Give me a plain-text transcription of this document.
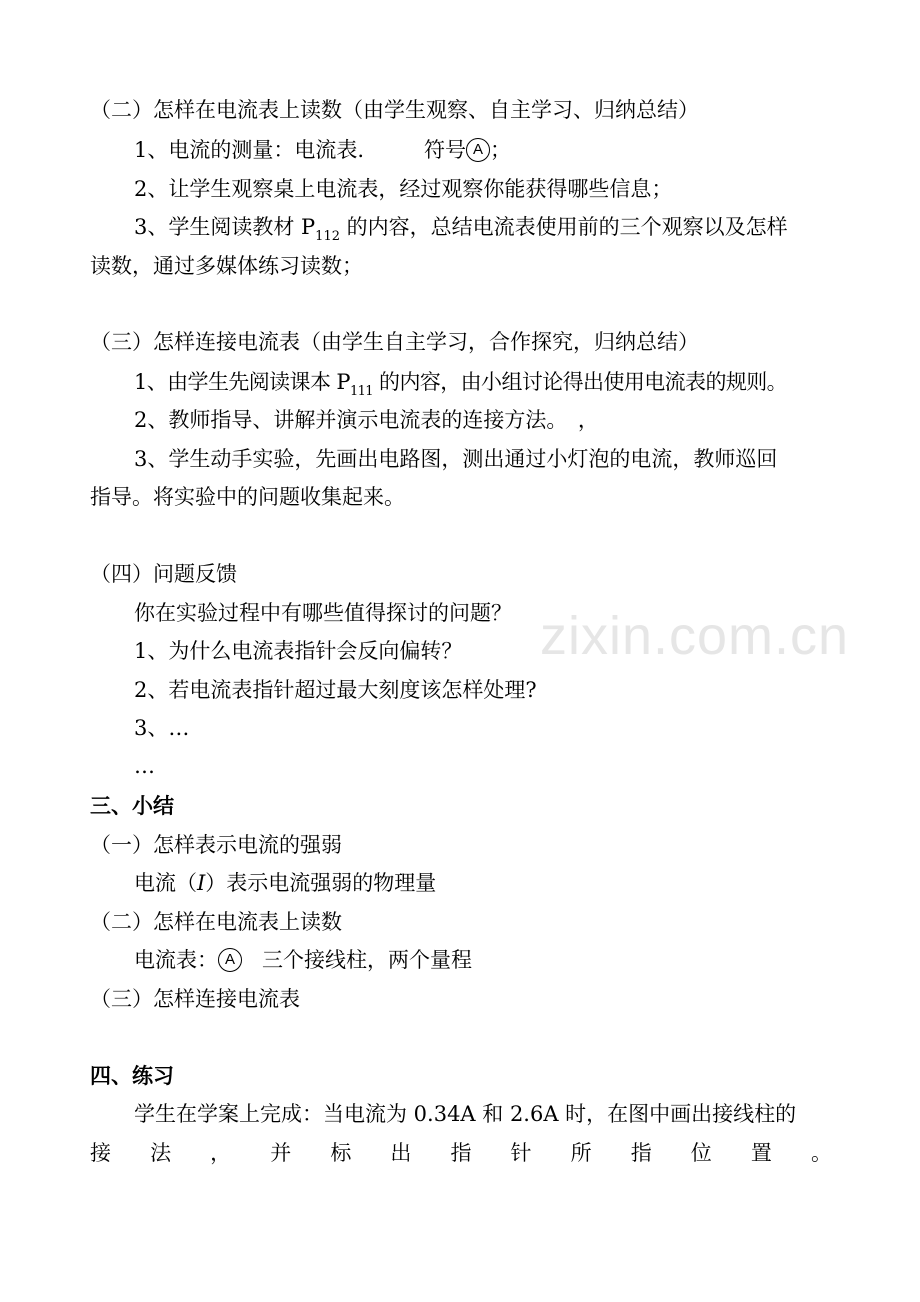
zixin.com.cn
（二）怎样在电流表上读数（由学生观察、自主学习、归纳总结）
1、电流的测量：电流表.	符号 A ；
2、让学生观察桌上电流表，经过观察你能获得哪些信息；
3、学生阅读教材 $P_{112}$ 的内容，总结电流表使用前的三个观察以及怎样
读数，通过多媒体练习读数；
（三）怎样连接电流表（由学生自主学习，合作探究，归纳总结）
1、由学生先阅读课本 $P_{111}$ 的内容，由小组讨论得出使用电流表的规则。
2、教师指导、讲解并演示电流表的连接方法。　，
3、学生动手实验，先画出电路图，测出通过小灯泡的电流，教师巡回
指导。将实验中的问题收集起来。
（四）问题反馈
你在实验过程中有哪些值得探讨的问题？
1、为什么电流表指针会反向偏转？
2、若电流表指针超过最大刻度该怎样处理?
3、…
…
三、小结
（一）怎样表示电流的强弱
电流（I）表示电流强弱的物理量
（二）怎样在电流表上读数
电流表： A 三个接线柱，两个量程
（三）怎样连接电流表
四、练习
学生在学案上完成：当电流为 0.34A 和 2.6A 时，在图中画出接线柱的
接 法 ， 并 标 出 指 针 所 指 位 置 。
